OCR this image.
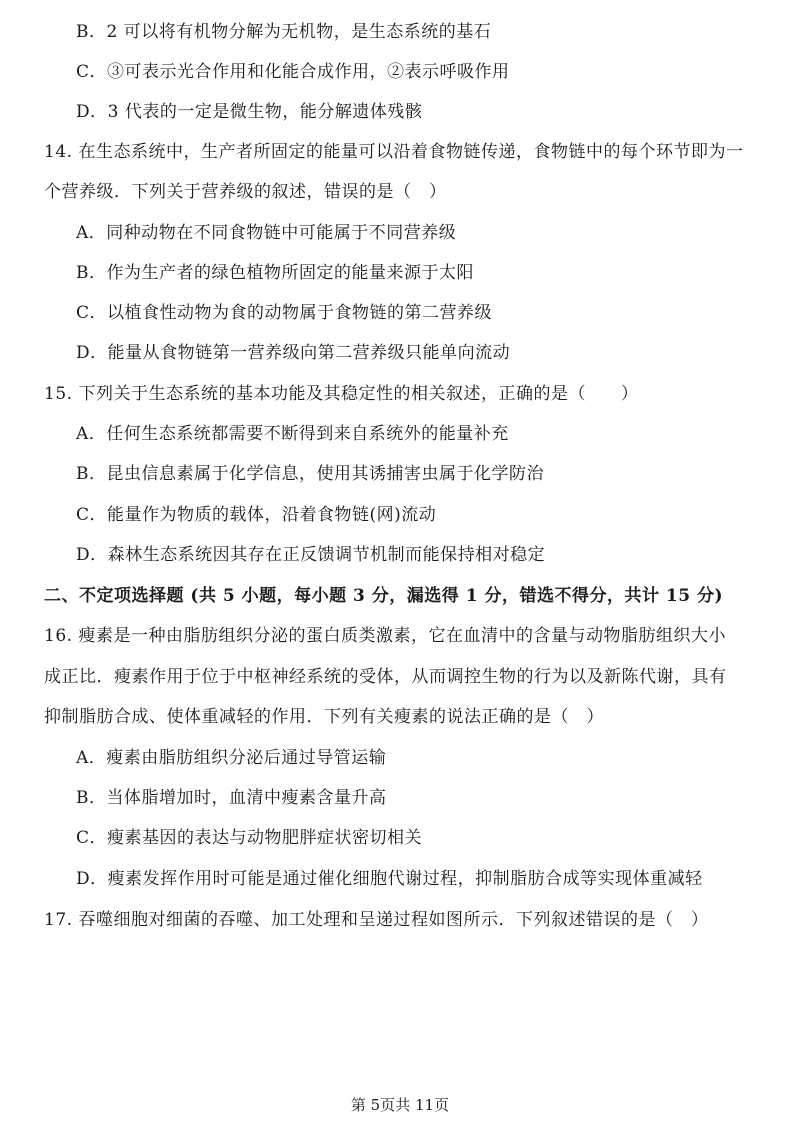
B．2 可以将有机物分解为无机物，是生态系统的基石
C．③可表示光合作用和化能合成作用，②表示呼吸作用
D．3 代表的一定是微生物，能分解遗体残骸
14. 在生态系统中，生产者所固定的能量可以沿着食物链传递，食物链中的每个环节即为一
个营养级．下列关于营养级的叙述，错误的是（　）
A．同种动物在不同食物链中可能属于不同营养级
B．作为生产者的绿色植物所固定的能量来源于太阳
C．以植食性动物为食的动物属于食物链的第二营养级
D．能量从食物链第一营养级向第二营养级只能单向流动
15. 下列关于生态系统的基本功能及其稳定性的相关叙述，正确的是（　　）
A．任何生态系统都需要不断得到来自系统外的能量补充
B．昆虫信息素属于化学信息，使用其诱捕害虫属于化学防治
C．能量作为物质的载体，沿着食物链(网)流动
D．森林生态系统因其存在正反馈调节机制而能保持相对稳定
二、不定项选择题 (共 5 小题，每小题 3 分，漏选得 1 分，错选不得分，共计 15 分)
16. 瘦素是一种由脂肪组织分泌的蛋白质类激素，它在血清中的含量与动物脂肪组织大小
成正比．瘦素作用于位于中枢神经系统的受体，从而调控生物的行为以及新陈代谢，具有
抑制脂肪合成、使体重减轻的作用．下列有关瘦素的说法正确的是（　）
A．瘦素由脂肪组织分泌后通过导管运输
B．当体脂增加时，血清中瘦素含量升高
C．瘦素基因的表达与动物肥胖症状密切相关
D．瘦素发挥作用时可能是通过催化细胞代谢过程，抑制脂肪合成等实现体重减轻
17. 吞噬细胞对细菌的吞噬、加工处理和呈递过程如图所示．下列叙述错误的是（　）
第 5页共 11页
